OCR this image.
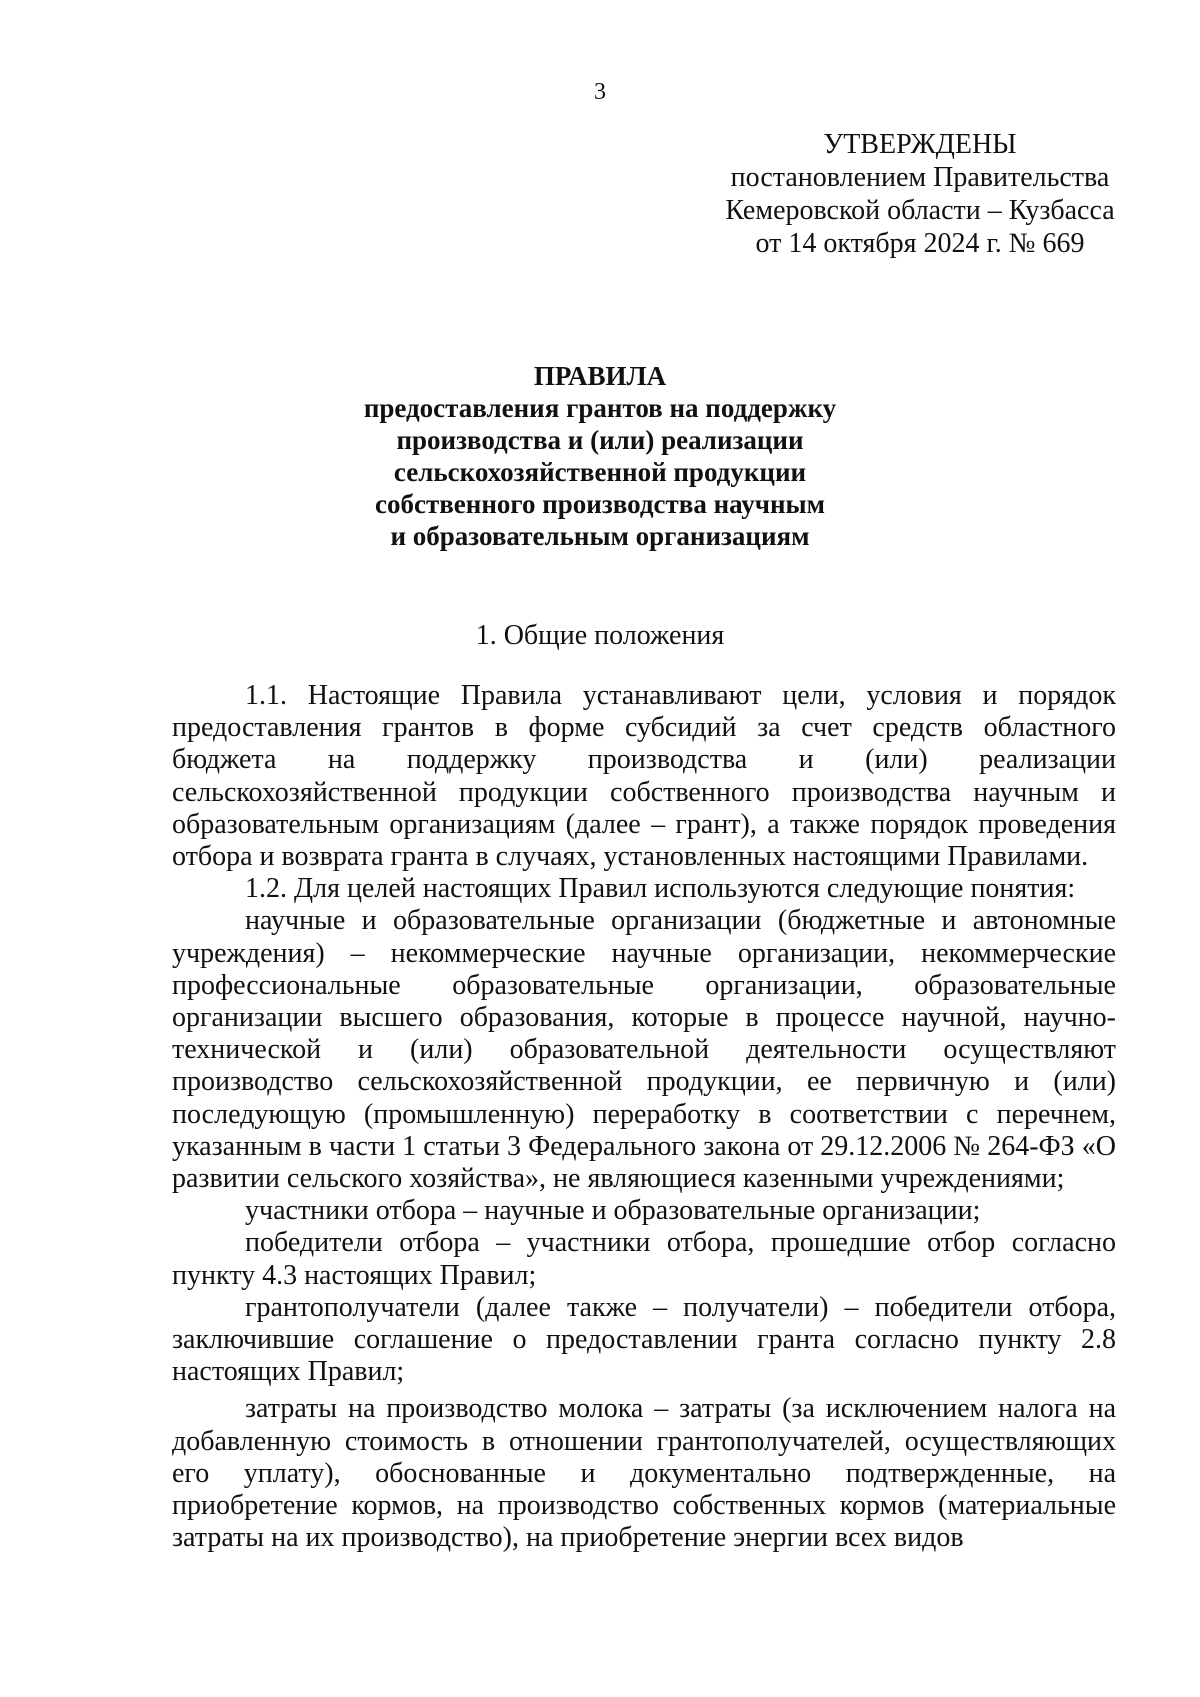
3
УТВЕРЖДЕНЫ
постановлением Правительства
Кемеровской области – Кузбасса
от 14 октября 2024 г. № 669
ПРАВИЛА
предоставления грантов на поддержку
производства и (или) реализации
сельскохозяйственной продукции
собственного производства научным
и образовательным организациям
1. Общие положения

1.1. Настоящие Правила устанавливают цели, условия и порядок предоставления грантов в форме субсидий за счет средств областного бюджета на поддержку производства и (или) реализации сельскохозяйственной продукции собственного производства научным и образовательным организациям (далее – грант), а также порядок проведения отбора и возврата гранта в случаях, установленных настоящими Правилами.

1.2. Для целей настоящих Правил используются следующие понятия:

научные и образовательные организации (бюджетные и автономные учреждения) – некоммерческие научные организации, некоммерческие профессиональные образовательные организации, образовательные организации высшего образования, которые в процессе научной, научно-технической и (или) образовательной деятельности осуществляют производство сельскохозяйственной продукции, ее первичную и (или) последующую (промышленную) переработку в соответствии с перечнем, указанным в части 1 статьи 3 Федерального закона от 29.12.2006 № 264-ФЗ «О развитии сельского хозяйства», не являющиеся казенными учреждениями;

участники отбора – научные и образовательные организации;

победители отбора – участники отбора, прошедшие отбор согласно пункту 4.3 настоящих Правил;

грантополучатели (далее также – получатели) – победители отбора, заключившие соглашение о предоставлении гранта согласно пункту 2.8 настоящих Правил;

затраты на производство молока – затраты (за исключением налога на добавленную стоимость в отношении грантополучателей, осуществляющих его уплату), обоснованные и документально подтвержденные, на приобретение кормов, на производство собственных кормов (материальные затраты на их производство), на приобретение энергии всех видов
